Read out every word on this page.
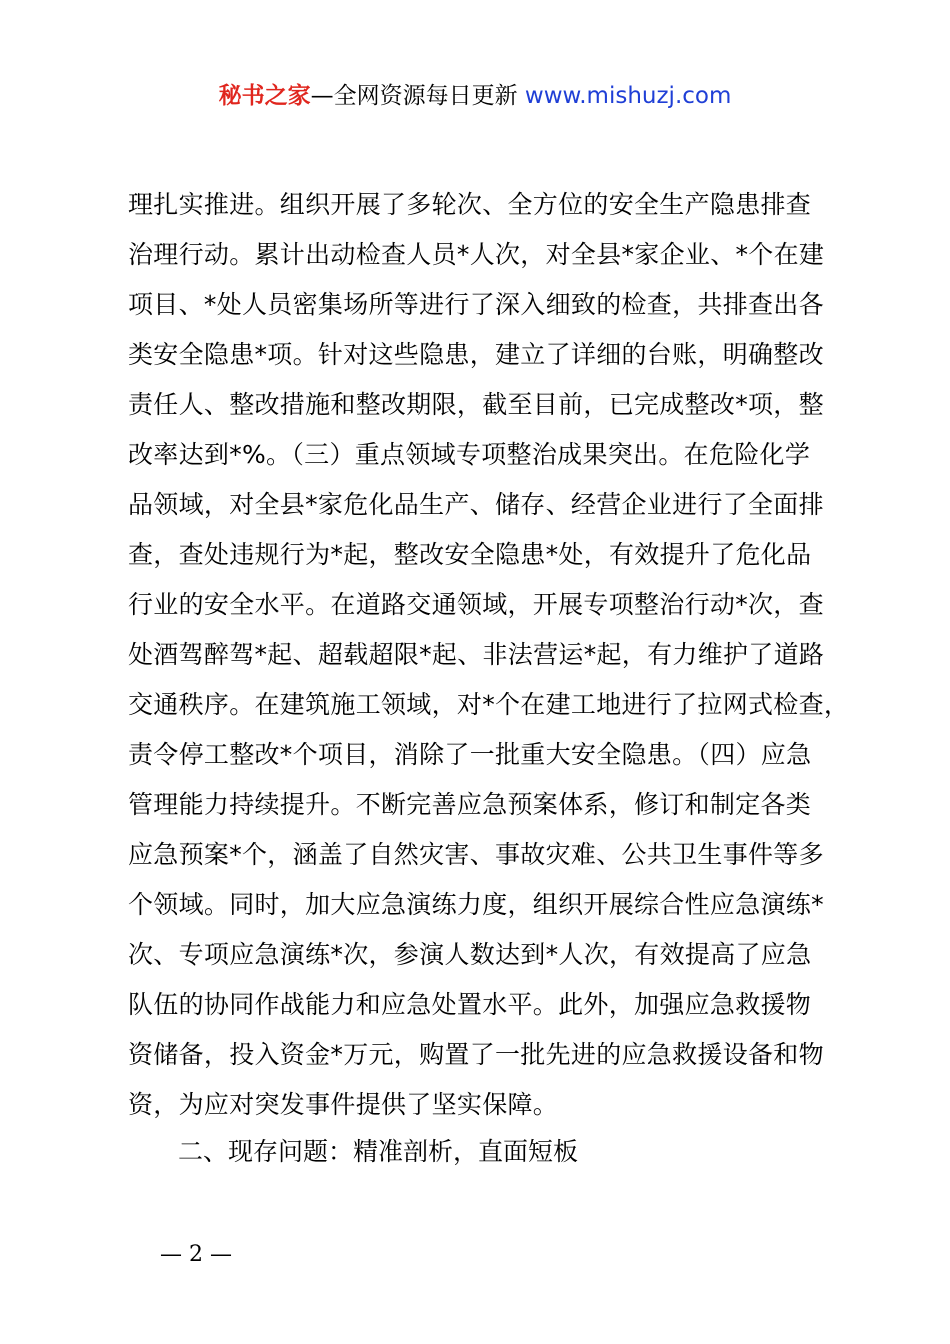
秘书之家—全网资源每日更新 www.mishuzj.com
理扎实推进。组织开展了多轮次、全方位的安全生产隐患排查
治理行动。累计出动检查人员*人次，对全县*家企业、*个在建
项目、*处人员密集场所等进行了深入细致的检查，共排查出各
类安全隐患*项。针对这些隐患，建立了详细的台账，明确整改
责任人、整改措施和整改期限，截至目前，已完成整改*项，整
改率达到*%。（三）重点领域专项整治成果突出。在危险化学
品领域，对全县*家危化品生产、储存、经营企业进行了全面排
查，查处违规行为*起，整改安全隐患*处，有效提升了危化品
行业的安全水平。在道路交通领域，开展专项整治行动*次，查
处酒驾醉驾*起、超载超限*起、非法营运*起，有力维护了道路
交通秩序。在建筑施工领域，对*个在建工地进行了拉网式检查，
责令停工整改*个项目，消除了一批重大安全隐患。（四）应急
管理能力持续提升。不断完善应急预案体系，修订和制定各类
应急预案*个，涵盖了自然灾害、事故灾难、公共卫生事件等多
个领域。同时，加大应急演练力度，组织开展综合性应急演练*
次、专项应急演练*次，参演人数达到*人次，有效提高了应急
队伍的协同作战能力和应急处置水平。此外，加强应急救援物
资储备，投入资金*万元，购置了一批先进的应急救援设备和物
资，为应对突发事件提供了坚实保障。
二、现存问题：精准剖析，直面短板
— 2 —
